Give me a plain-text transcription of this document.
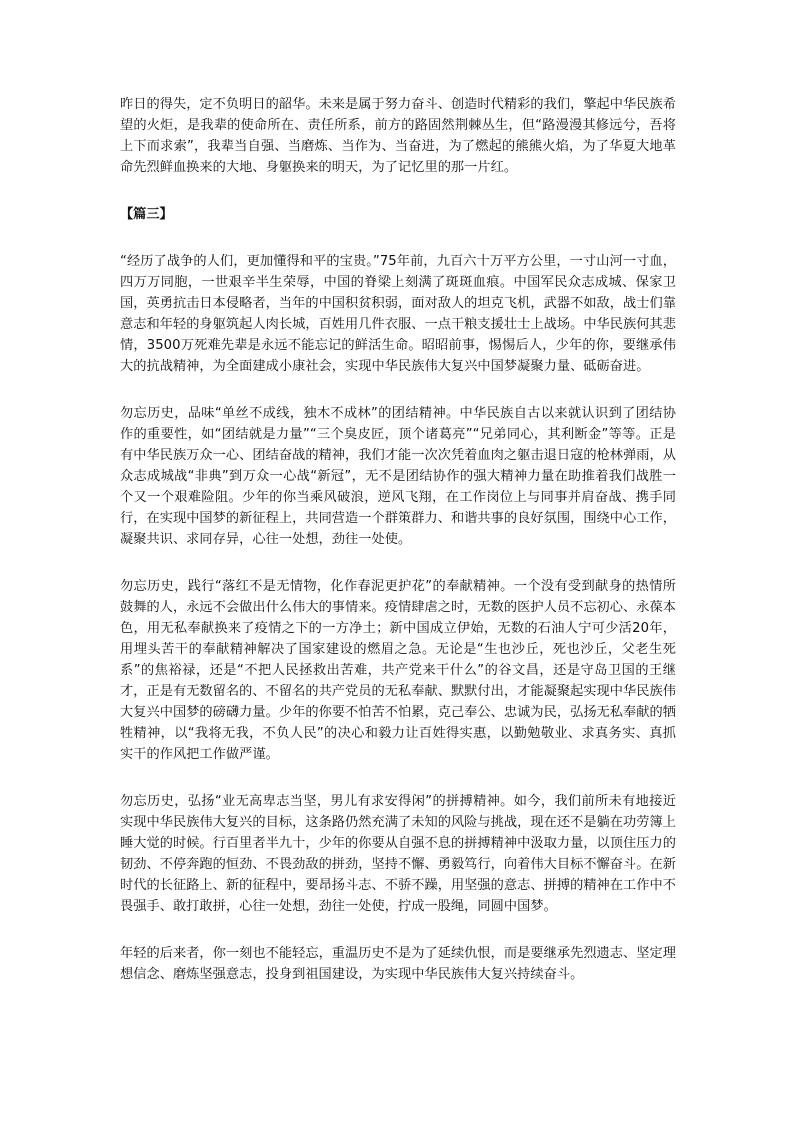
昨日的得失，定不负明日的韶华。未来是属于努力奋斗、创造时代精彩的我们，擎起中华民族希望的火炬，是我辈的使命所在、责任所系，前方的路固然荆棘丛生，但“路漫漫其修远兮，吾将上下而求索”，我辈当自强、当磨炼、当作为、当奋进，为了燃起的熊熊火焰，为了华夏大地革命先烈鲜血换来的大地、身躯换来的明天，为了记忆里的那一片红。

【篇三】

“经历了战争的人们，更加懂得和平的宝贵。”75年前，九百六十万平方公里，一寸山河一寸血，四万万同胞，一世艰辛半生荣辱，中国的脊梁上刻满了斑斑血痕。中国军民众志成城、保家卫国，英勇抗击日本侵略者，当年的中国积贫积弱，面对敌人的坦克飞机，武器不如敌，战士们靠意志和年轻的身躯筑起人肉长城，百姓用几件衣服、一点干粮支援壮士上战场。中华民族何其悲情，3500万死难先辈是永远不能忘记的鲜活生命。昭昭前事，惕惕后人，少年的你，要继承伟大的抗战精神，为全面建成小康社会，实现中华民族伟大复兴中国梦凝聚力量、砥砺奋进。

勿忘历史，品味“单丝不成线，独木不成林”的团结精神。中华民族自古以来就认识到了团结协作的重要性，如“团结就是力量”“三个臭皮匠，顶个诸葛亮”“兄弟同心，其利断金”等等。正是有中华民族万众一心、团结奋战的精神，我们才能一次次凭着血肉之躯击退日寇的枪林弹雨，从众志成城战“非典”到万众一心战“新冠”，无不是团结协作的强大精神力量在助推着我们战胜一个又一个艰难险阻。少年的你当乘风破浪，逆风飞翔，在工作岗位上与同事并肩奋战、携手同行，在实现中国梦的新征程上，共同营造一个群策群力、和谐共事的良好氛围，围绕中心工作，凝聚共识、求同存异，心往一处想，劲往一处使。

勿忘历史，践行“落红不是无情物，化作春泥更护花”的奉献精神。一个没有受到献身的热情所鼓舞的人，永远不会做出什么伟大的事情来。疫情肆虐之时，无数的医护人员不忘初心、永葆本色，用无私奉献换来了疫情之下的一方净土；新中国成立伊始，无数的石油人宁可少活20年，用埋头苦干的奉献精神解决了国家建设的燃眉之急。无论是“生也沙丘，死也沙丘，父老生死系”的焦裕禄，还是“不把人民拯救出苦难，共产党来干什么”的谷文昌，还是守岛卫国的王继才，正是有无数留名的、不留名的共产党员的无私奉献、默默付出，才能凝聚起实现中华民族伟大复兴中国梦的磅礴力量。少年的你要不怕苦不怕累，克己奉公、忠诚为民，弘扬无私奉献的牺牲精神，以“我将无我，不负人民”的决心和毅力让百姓得实惠，以勤勉敬业、求真务实、真抓实干的作风把工作做严谨。

勿忘历史，弘扬“业无高卑志当坚，男儿有求安得闲”的拼搏精神。如今，我们前所未有地接近实现中华民族伟大复兴的目标，这条路仍然充满了未知的风险与挑战，现在还不是躺在功劳簿上睡大觉的时候。行百里者半九十，少年的你要从自强不息的拼搏精神中汲取力量，以顶住压力的韧劲、不停奔跑的恒劲、不畏劲敌的拼劲，坚持不懈、勇毅笃行，向着伟大目标不懈奋斗。在新时代的长征路上、新的征程中，要昂扬斗志、不骄不躁，用坚强的意志、拼搏的精神在工作中不畏强手、敢打敢拼，心往一处想，劲往一处使，拧成一股绳，同圆中国梦。

年轻的后来者，你一刻也不能轻忘，重温历史不是为了延续仇恨，而是要继承先烈遗志、坚定理想信念、磨炼坚强意志，投身到祖国建设，为实现中华民族伟大复兴持续奋斗。
